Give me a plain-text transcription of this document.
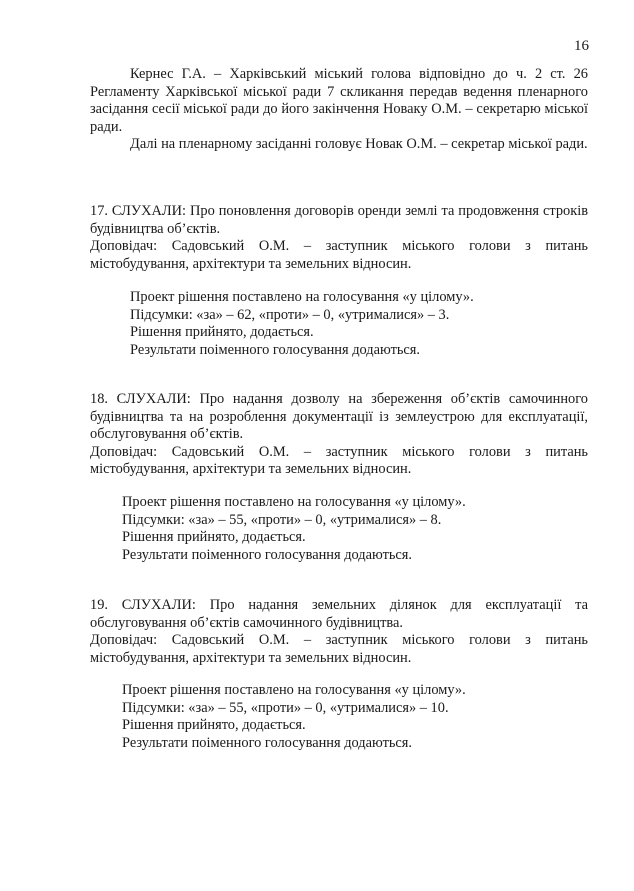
16

Кернес Г.А. – Харківський міський голова відповідно до ч. 2 ст. 26 Регламенту Харківської міської ради 7 скликання передав ведення пленарного засідання сесії міської ради до його закінчення Новаку О.М. – секретарю міської ради.

Далі на пленарному засіданні головує Новак О.М. – секретар міської ради.

17. СЛУХАЛИ: Про поновлення договорів оренди землі та продовження строків будівництва об’єктів.

Доповідач: Садовський О.М. – заступник міського голови з питань містобудування, архітектури та земельних відносин.

Проект рішення поставлено на голосування «у цілому».
Підсумки: «за» – 62, «проти» – 0, «утрималися» – 3.
Рішення прийнято, додається.
Результати поіменного голосування додаються.

18. СЛУХАЛИ: Про надання дозволу на збереження об’єктів самочинного будівництва та на розроблення документації із землеустрою для експлуатації, обслуговування об’єктів.

Доповідач: Садовський О.М. – заступник міського голови з питань містобудування, архітектури та земельних відносин.

Проект рішення поставлено на голосування «у цілому».
Підсумки: «за» – 55, «проти» – 0, «утрималися» – 8.
Рішення прийнято, додається.
Результати поіменного голосування додаються.

19. СЛУХАЛИ: Про надання земельних ділянок для експлуатації та обслуговування об’єктів самочинного будівництва.

Доповідач: Садовський О.М. – заступник міського голови з питань містобудування, архітектури та земельних відносин.

Проект рішення поставлено на голосування «у цілому».
Підсумки: «за» – 55, «проти» – 0, «утрималися» – 10.
Рішення прийнято, додається.
Результати поіменного голосування додаються.
